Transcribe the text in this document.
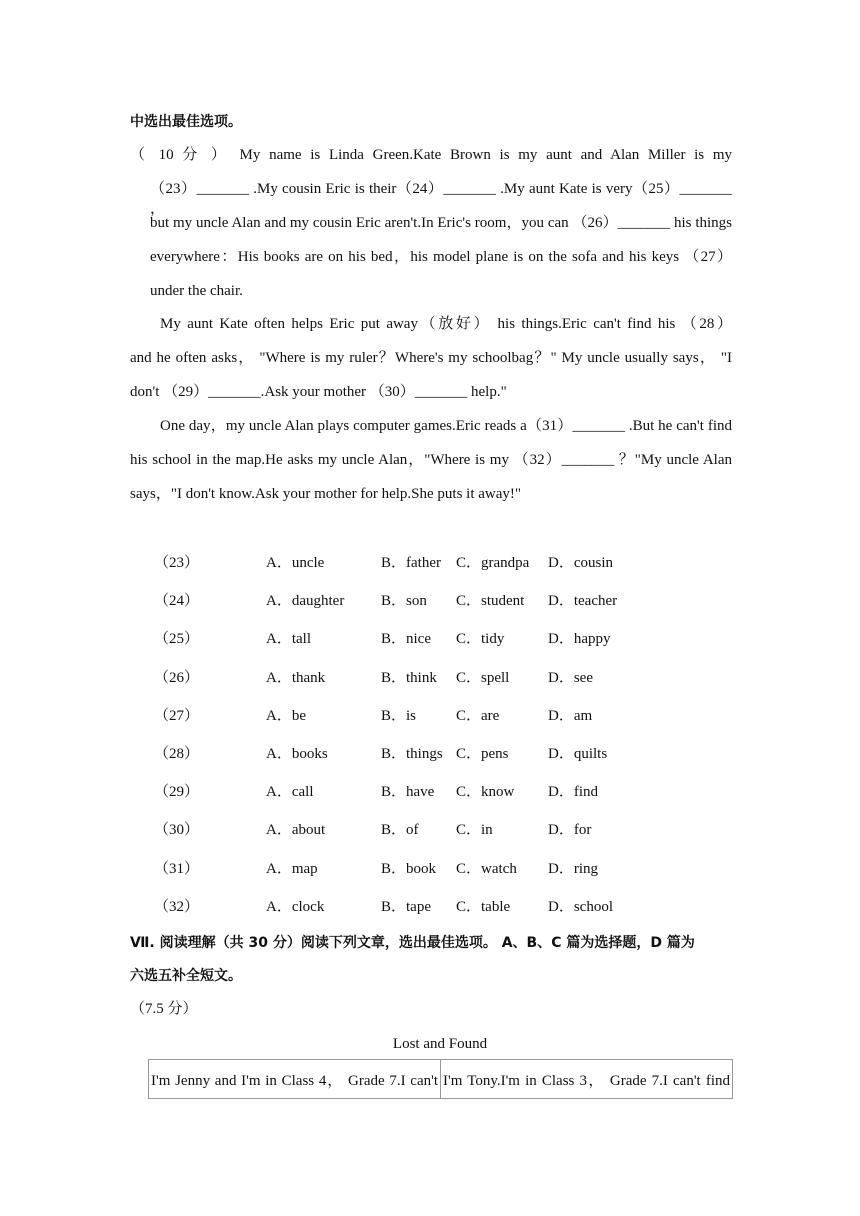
中选出最佳选项。
（ 10 分 ） My name is Linda Green.Kate Brown is my aunt and Alan Miller is my
（23）_______ .My cousin Eric is their（24）_______ .My aunt Kate is very（25）_______ ，
but my uncle Alan and my cousin Eric aren't.In Eric's room，you can （26）_______ his things
everywhere：His books are on his bed，his model plane is on the sofa and his keys （27）
under the chair.
My aunt Kate often helps Eric put away（放好） his things.Eric can't find his （28）
and he often asks， "Where is my ruler？Where's my schoolbag？" My uncle usually says， "I
don't （29）_______.Ask your mother （30）_______ help."
One day，my uncle Alan plays computer games.Eric reads a（31）_______ .But he can't find
his school in the map.He asks my uncle Alan，"Where is my （32）_______ ？"My uncle Alan
says，"I don't know.Ask your mother for help.She puts it away!"
（23）	A．uncle	B．father C．grandpa D．cousin
（24）	A．daughter B．son C．student D．teacher
（25）	A．tall	B．nice C．tidy	D．happy
（26）	A．thank	B．think C．spell	D．see
（27）	A．be	B．is	C．are	D．am
（28）	A．books	B．things C．pens	D．quilts
（29）	A．call	B．have C．know D．find
（30）	A．about	B．of C．in	D．for
（31）	A．map	B．book C．watch D．ring
（32）	A．clock	B．tape C．table	D．school
Ⅶ. 阅读理解（共 30 分）阅读下列文章，选出最佳选项。 A、B、C 篇为选择题，D 篇为
六选五补全短文。
（7.5 分）
Lost and Found
I'm Jenny and I'm in Class 4， Grade 7.I can't	I'm Tony.I'm in Class 3， Grade 7.I can't find
